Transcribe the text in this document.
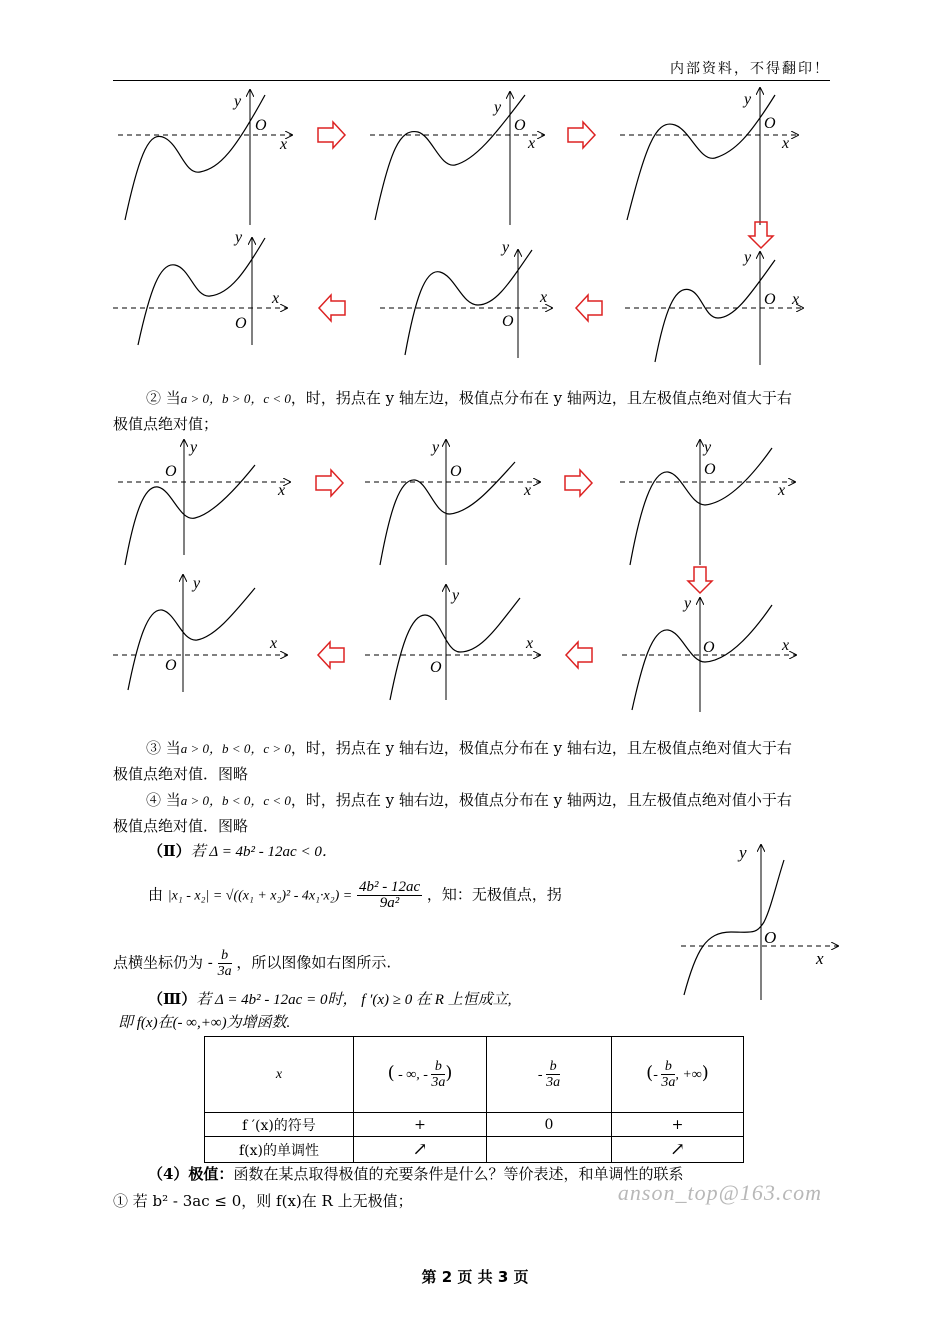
内部资料，不得翻印！
y
O
x
y
O
x
y
O
x
y
O
x
y
O
x
y
O x
② 当a > 0，b > 0，c < 0，时，拐点在 y 轴左边，极值点分布在 y 轴两边，且左极值点绝对值大于右
极值点绝对值；
y
O
x
y
O
x
y
O
x
y
O
x
y
O
x
y
O	x
③ 当a > 0，b < 0，c > 0，时，拐点在 y 轴右边，极值点分布在 y 轴右边，且左极值点绝对值大于右
极值点绝对值．图略
④ 当a > 0，b < 0，c < 0，时，拐点在 y 轴右边，极值点分布在 y 轴两边，且左极值点绝对值小于右
极值点绝对值．图略
（Ⅱ）若 Δ = 4b² - 12ac < 0．
由 $|x_1 - x_2| = √((x_1 + x_2)^2 - 4x_1\cdot x_2) = \frac{\text{4b² - 12ac}}{\text{9a²}}$ ，知：无极值点，拐
点横坐标仍为 - $\frac{b}{3a}$ ，所以图像如右图所示.
y
O
x
（Ⅲ）若 Δ = 4b² - 12ac = 0时， f ′(x) ≥ 0 在 R 上恒成立,
即 f(x)在(- ∞,+∞)为增函数.
x	( - ∞, - $\frac{b}{3a}$ )	- $\frac{b}{3a}$	(- $\frac{b}{3a}$ , +∞)
f ′(x)的符号	+	0	+
f(x)的单调性	↗		↗
（4）极值：函数在某点取得极值的充要条件是什么？等价表述，和单调性的联系
① 若 b² - 3ac ≤ 0，则 f(x)在 R 上无极值；	anson_top@163.com
第 2 页 共 3 页
